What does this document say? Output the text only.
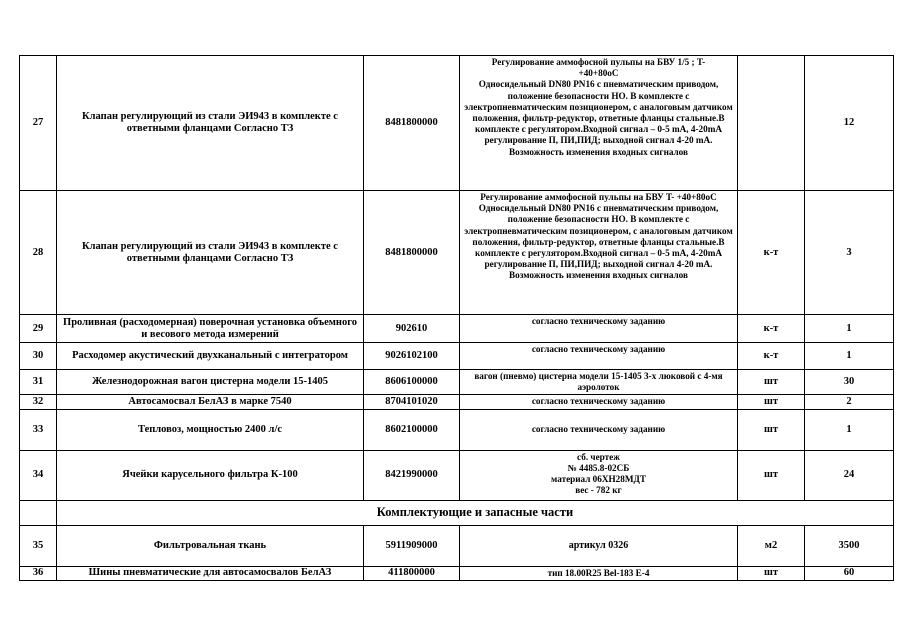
27	Клапан регулирующий из стали ЭИ943 в комплекте с ответными фланцами Согласно ТЗ	8481800000	Регулирование аммофосной пульпы на БВУ 1/5 ; T-
+40+80оС
Односидельный DN80 PN16 с пневматическим приводом, положение безопасности НО. В комплекте с электропневматическим позиционером, с аналоговым датчиком положения, фильтр-редуктор, ответные фланцы стальные.В комплекте с регулятором.Входной сигнал – 0-5 mA, 4-20mA регулирование П, ПИ,ПИД; выходной сигнал 4-20 mA. Возможность изменения входных сигналов		12
28	Клапан регулирующий из стали ЭИ943 в комплекте с ответными фланцами Согласно ТЗ	8481800000	Регулирование аммофосной пульпы на БВУ T- +40+80оС
Односидельный DN80 PN16 с пневматическим приводом, положение безопасности НО. В комплекте с электропневматическим позиционером, с аналоговым датчиком положения, фильтр-редуктор, ответные фланцы стальные.В комплекте с регулятором.Входной сигнал – 0-5 mA, 4-20mA регулирование П, ПИ,ПИД; выходной сигнал 4-20 mA. Возможность изменения входных сигналов	к-т	3
29	Проливная (расходомерная) поверочная установка объемного и весового метода измерений	902610	согласно техническому заданию	к-т	1
30	Расходомер акустический двухканальный с интегратором	9026102100	согласно техническому заданию	к-т	1
31	Железнодорожная вагон цистерна модели 15-1405	8606100000	вагон (пневмо) цистерна модели 15-1405 3-х люковой с 4-мя аэролоток	шт	30
32	Автосамосвал БелАЗ в марке 7540	8704101020	согласно техническому заданию	шт	2
33	Тепловоз, мощностью 2400 л/с	8602100000	согласно техническому заданию	шт	1
34	Ячейки карусельного фильтра К-100	8421990000	сб. чертеж
№ 4485.8-02СБ
материал 06ХН28МДТ
вес - 782 кг	шт	24
	Комплектующие и запасные части				
35	Фильтровальная ткань	5911909000	артикул 0326	м2	3500
36	Шины пневматические для автосамосвалов БелАЗ	411800000	тип 18.00R25 Bel-183 E-4	шт	60
